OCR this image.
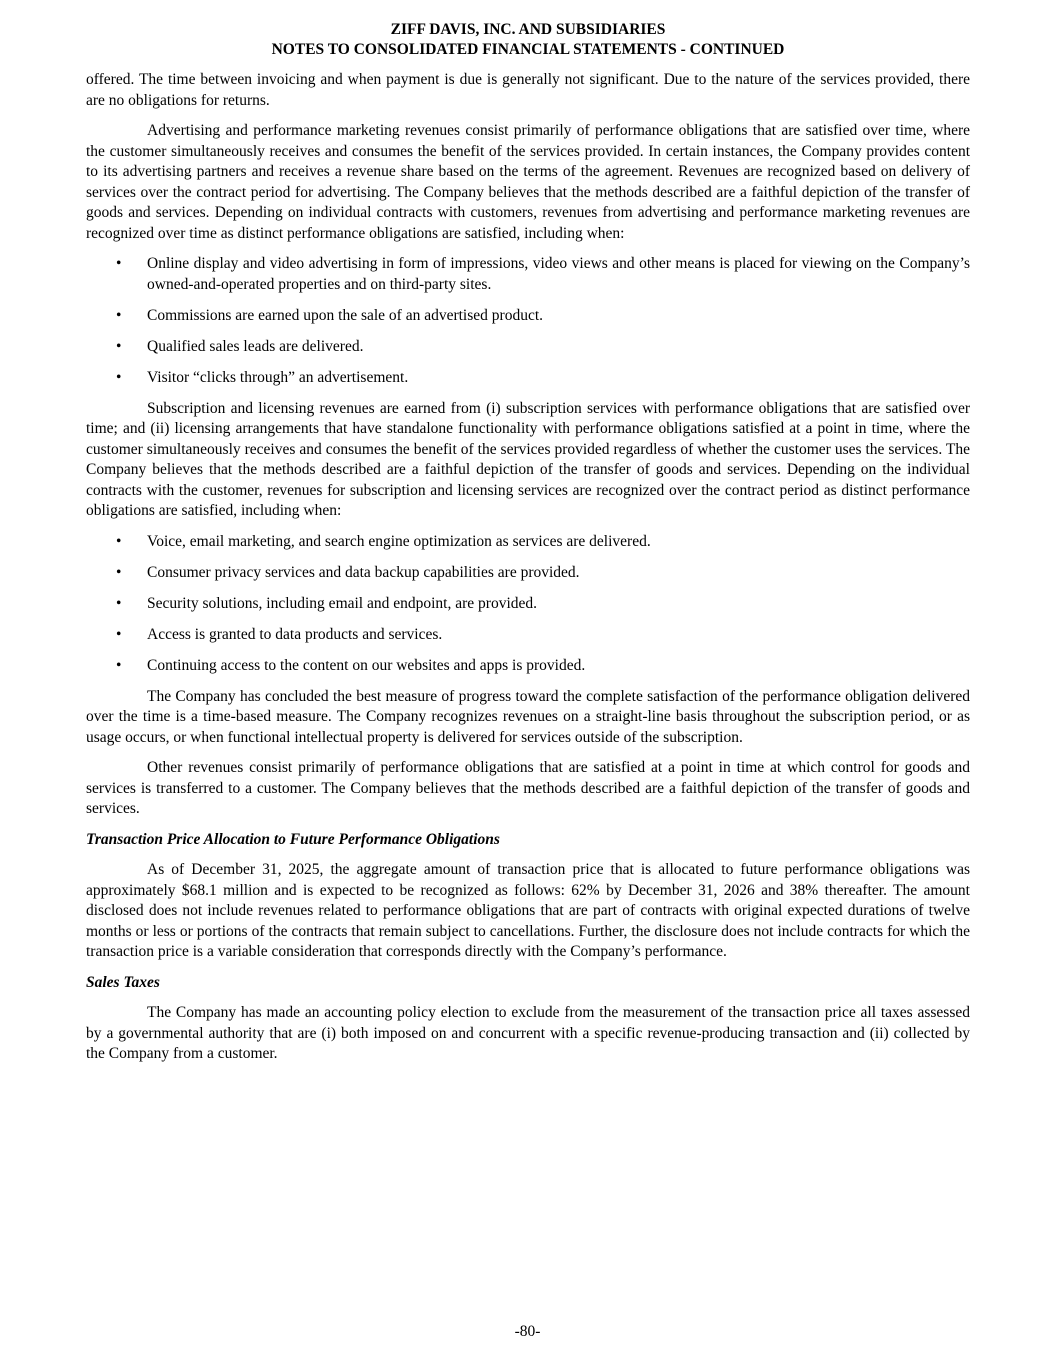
ZIFF DAVIS, INC. AND SUBSIDIARIES
NOTES TO CONSOLIDATED FINANCIAL STATEMENTS - CONTINUED

offered. The time between invoicing and when payment is due is generally not significant. Due to the nature of the services provided, there are no obligations for returns.

Advertising and performance marketing revenues consist primarily of performance obligations that are satisfied over time, where the customer simultaneously receives and consumes the benefit of the services provided. In certain instances, the Company provides content to its advertising partners and receives a revenue share based on the terms of the agreement. Revenues are recognized based on delivery of services over the contract period for advertising. The Company believes that the methods described are a faithful depiction of the transfer of goods and services. Depending on individual contracts with customers, revenues from advertising and performance marketing revenues are recognized over time as distinct performance obligations are satisfied, including when:

• Online display and video advertising in form of impressions, video views and other means is placed for viewing on the Company’s owned-and-operated properties and on third-party sites.
• Commissions are earned upon the sale of an advertised product.
• Qualified sales leads are delivered.
• Visitor “clicks through” an advertisement.

Subscription and licensing revenues are earned from (i) subscription services with performance obligations that are satisfied over time; and (ii) licensing arrangements that have standalone functionality with performance obligations satisfied at a point in time, where the customer simultaneously receives and consumes the benefit of the services provided regardless of whether the customer uses the services. The Company believes that the methods described are a faithful depiction of the transfer of goods and services. Depending on the individual contracts with the customer, revenues for subscription and licensing services are recognized over the contract period as distinct performance obligations are satisfied, including when:

• Voice, email marketing, and search engine optimization as services are delivered.
• Consumer privacy services and data backup capabilities are provided.
• Security solutions, including email and endpoint, are provided.
• Access is granted to data products and services.
• Continuing access to the content on our websites and apps is provided.

The Company has concluded the best measure of progress toward the complete satisfaction of the performance obligation delivered over the time is a time-based measure. The Company recognizes revenues on a straight-line basis throughout the subscription period, or as usage occurs, or when functional intellectual property is delivered for services outside of the subscription.

Other revenues consist primarily of performance obligations that are satisfied at a point in time at which control for goods and services is transferred to a customer. The Company believes that the methods described are a faithful depiction of the transfer of goods and services.

Transaction Price Allocation to Future Performance Obligations

As of December 31, 2025, the aggregate amount of transaction price that is allocated to future performance obligations was approximately $68.1 million and is expected to be recognized as follows: 62% by December 31, 2026 and 38% thereafter. The amount disclosed does not include revenues related to performance obligations that are part of contracts with original expected durations of twelve months or less or portions of the contracts that remain subject to cancellations. Further, the disclosure does not include contracts for which the transaction price is a variable consideration that corresponds directly with the Company’s performance.

Sales Taxes

The Company has made an accounting policy election to exclude from the measurement of the transaction price all taxes assessed by a governmental authority that are (i) both imposed on and concurrent with a specific revenue-producing transaction and (ii) collected by the Company from a customer.

-80-
